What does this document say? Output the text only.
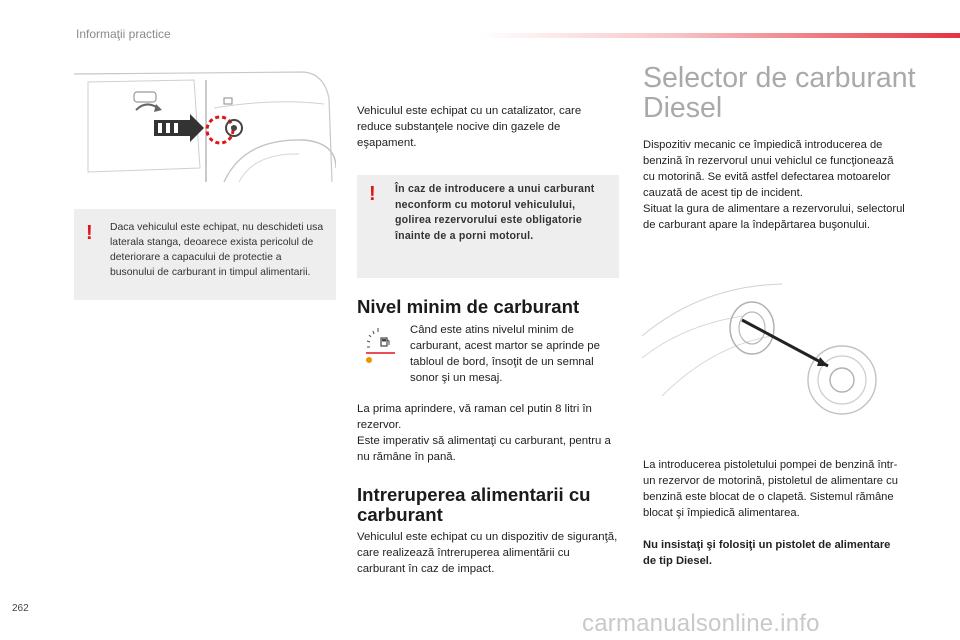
Informaţii practice
! Daca vehiculul este echipat, nu deschideti usa laterala stanga, deoarece exista pericolul de deteriorare a capacului de protectie a busonului de carburant in timpul alimentarii.
Vehiculul este echipat cu un catalizator, care reduce substanţele nocive din gazele de eşapament.
! În caz de introducere a unui carburant neconform cu motorul vehiculului, golirea rezervorului este obligatorie înainte de a porni motorul.
Nivel minim de carburant
Când este atins nivelul minim de carburant, acest martor se aprinde pe tabloul de bord, însoţit de un semnal sonor şi un mesaj.
La prima aprindere, vă raman cel putin 8 litri în rezervor.
Este imperativ să alimentaţi cu carburant, pentru a nu rămâne în pană.
Intreruperea alimentarii cu carburant
Vehiculul este echipat cu un dispozitiv de siguranţă, care realizează întreruperea alimentării cu carburant în caz de impact.
Selector de carburant Diesel
Dispozitiv mecanic ce împiedică introducerea de benzină în rezervorul unui vehiclul ce funcţionează cu motorină. Se evită astfel defectarea motoarelor cauzată de acest tip de incident.
Situat la gura de alimentare a rezervorului, selectorul de carburant apare la îndepărtarea buşonului.
La introducerea pistoletului pompei de benzină într-un rezervor de motorină, pistoletul de alimentare cu benzină este blocat de o clapetă. Sistemul rămâne blocat şi împiedică alimentarea.
Nu insistaţi şi folosiţi un pistolet de alimentare de tip Diesel.
262
carmanualsonline.info
